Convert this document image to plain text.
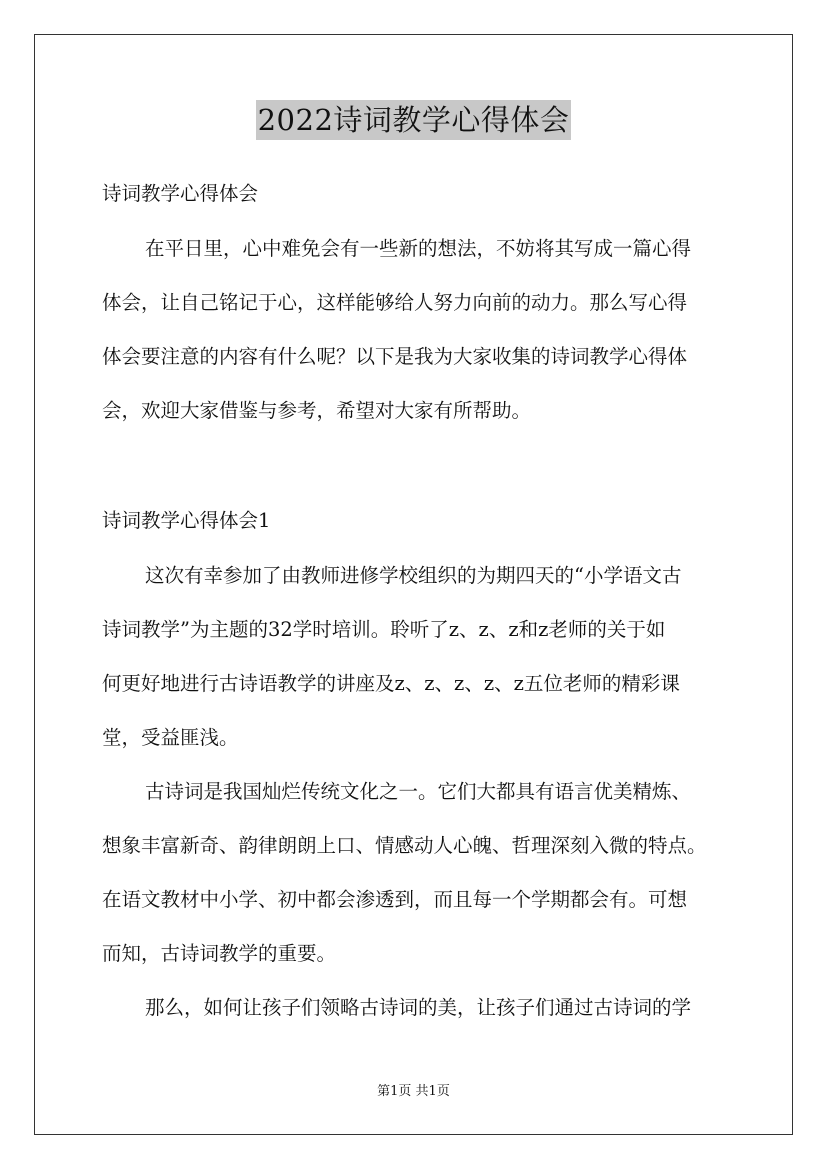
2022诗词教学心得体会
诗词教学心得体会
在平日里，心中难免会有一些新的想法，不妨将其写成一篇心得
体会，让自己铭记于心，这样能够给人努力向前的动力。那么写心得
体会要注意的内容有什么呢？以下是我为大家收集的诗词教学心得体
会，欢迎大家借鉴与参考，希望对大家有所帮助。
诗词教学心得体会1
这次有幸参加了由教师进修学校组织的为期四天的“小学语文古
诗词教学”为主题的32学时培训。聆听了z、z、z和z老师的关于如
何更好地进行古诗语教学的讲座及z、z、z、z、z五位老师的精彩课
堂，受益匪浅。
古诗词是我国灿烂传统文化之一。它们大都具有语言优美精炼、
想象丰富新奇、韵律朗朗上口、情感动人心魄、哲理深刻入微的特点。
在语文教材中小学、初中都会渗透到，而且每一个学期都会有。可想
而知，古诗词教学的重要。
那么，如何让孩子们领略古诗词的美，让孩子们通过古诗词的学
第1页 共1页
